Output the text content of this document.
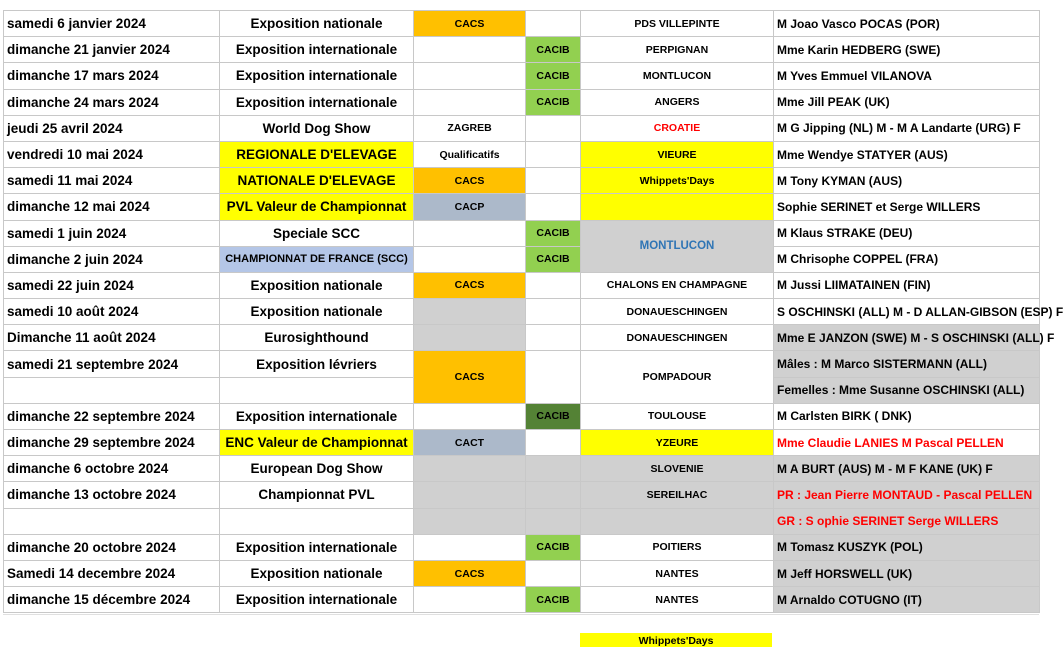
samedi 6 janvier 2024	Exposition nationale	CACS		PDS VILLEPINTE	M Joao Vasco POCAS (POR)
dimanche 21 janvier 2024	Exposition internationale		CACIB	PERPIGNAN	Mme Karin HEDBERG (SWE)
dimanche 17 mars 2024	Exposition internationale		CACIB	MONTLUCON	M Yves Emmuel VILANOVA
dimanche 24 mars 2024	Exposition internationale		CACIB	ANGERS	Mme Jill PEAK (UK)
jeudi 25 avril 2024	World Dog Show	ZAGREB		CROATIE	M G Jipping (NL) M - M A Landarte (URG) F
vendredi 10 mai 2024	REGIONALE D'ELEVAGE	Qualificatifs		VIEURE	Mme Wendye STATYER (AUS)
samedi 11 mai 2024	NATIONALE D'ELEVAGE	CACS		Whippets'Days	M Tony KYMAN (AUS)
dimanche 12 mai 2024	PVL Valeur de Championnat	CACP			Sophie SERINET et Serge WILLERS
samedi 1 juin 2024	Speciale SCC		CACIB	MONTLUCON	M Klaus STRAKE (DEU)
dimanche 2 juin 2024	CHAMPIONNAT DE FRANCE (SCC)		CACIB		M Chrisophe COPPEL (FRA)
samedi 22 juin 2024	Exposition nationale	CACS		CHALONS EN CHAMPAGNE	M Jussi LIIMATAINEN (FIN)
samedi 10 août 2024	Exposition nationale			DONAUESCHINGEN	S OSCHINSKI (ALL) M - D ALLAN-GIBSON (ESP) F
Dimanche 11 août 2024	Eurosighthound			DONAUESCHINGEN	Mme E JANZON (SWE) M - S OSCHINSKI (ALL) F
samedi 21 septembre 2024	Exposition lévriers	CACS		POMPADOUR	Mâles : M Marco SISTERMANN (ALL)
					Femelles : Mme Susanne OSCHINSKI (ALL)
dimanche 22 septembre 2024	Exposition internationale		CACIB	TOULOUSE	M Carlsten BIRK ( DNK)
dimanche 29 septembre 2024	ENC Valeur de Championnat	CACT		YZEURE	Mme Claudie LANIES M Pascal PELLEN
dimanche 6 octobre 2024	European Dog Show			SLOVENIE	M A BURT (AUS) M - M F KANE (UK) F
dimanche 13 octobre 2024	Championnat PVL			SEREILHAC	PR : Jean Pierre MONTAUD - Pascal PELLEN
					GR : S ophie SERINET Serge WILLERS
dimanche 20 octobre 2024	Exposition internationale		CACIB	POITIERS	M Tomasz KUSZYK (POL)
Samedi 14 decembre 2024	Exposition nationale	CACS		NANTES	M Jeff HORSWELL (UK)
dimanche 15 décembre 2024	Exposition internationale		CACIB	NANTES	M Arnaldo COTUGNO (IT)
Whippets'Days
